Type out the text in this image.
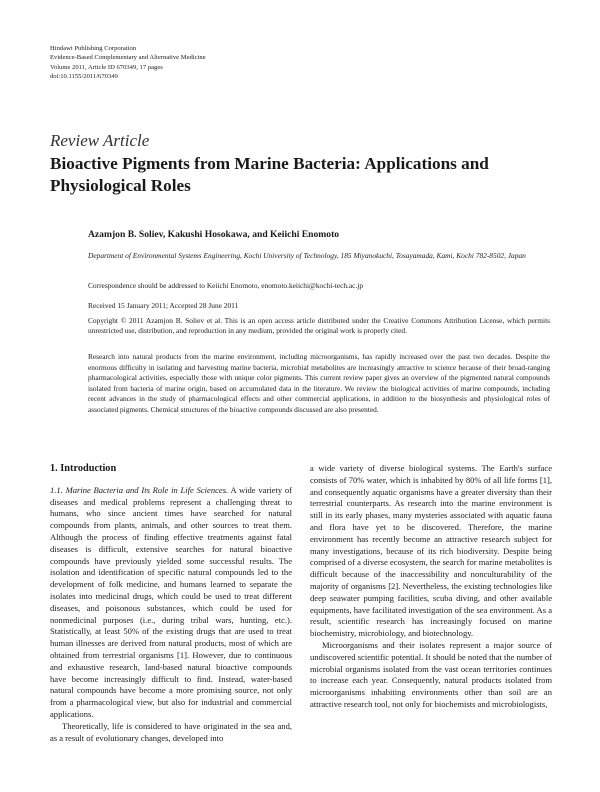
Hindawi Publishing Corporation
Evidence-Based Complementary and Alternative Medicine
Volume 2011, Article ID 670349, 17 pages
doi:10.1155/2011/670349
Review Article
Bioactive Pigments from Marine Bacteria: Applications and Physiological Roles
Azamjon B. Soliev, Kakushi Hosokawa, and Keiichi Enomoto
Department of Environmental Systems Engineering, Kochi University of Technology, 185 Miyanokuchi, Tosayamada, Kami, Kochi 782-8502, Japan
Correspondence should be addressed to Keiichi Enomoto, enomoto.keiichi@kochi-tech.ac.jp
Received 15 January 2011; Accepted 28 June 2011
Copyright © 2011 Azamjon B. Soliev et al. This is an open access article distributed under the Creative Commons Attribution License, which permits unrestricted use, distribution, and reproduction in any medium, provided the original work is properly cited.
Research into natural products from the marine environment, including microorganisms, has rapidly increased over the past two decades. Despite the enormous difficulty in isolating and harvesting marine bacteria, microbial metabolites are increasingly attractive to science because of their broad-ranging pharmacological activities, especially those with unique color pigments. This current review paper gives an overview of the pigmented natural compounds isolated from bacteria of marine origin, based on accumulated data in the literature. We review the biological activities of marine compounds, including recent advances in the study of pharmacological effects and other commercial applications, in addition to the biosynthesis and physiological roles of associated pigments. Chemical structures of the bioactive compounds discussed are also presented.
1. Introduction

1.1. Marine Bacteria and Its Role in Life Sciences. A wide variety of diseases and medical problems represent a challenging threat to humans, who since ancient times have searched for natural compounds from plants, animals, and other sources to treat them. Although the process of finding effective treatments against fatal diseases is difficult, extensive searches for natural bioactive compounds have previously yielded some successful results. The isolation and identification of specific natural compounds led to the development of folk medicine, and humans learned to separate the isolates into medicinal drugs, which could be used to treat different diseases, and poisonous substances, which could be used for nonmedicinal purposes (i.e., during tribal wars, hunting, etc.). Statistically, at least 50% of the existing drugs that are used to treat human illnesses are derived from natural products, most of which are obtained from terrestrial organisms [1]. However, due to continuous and exhaustive research, land-based natural bioactive compounds have become increasingly difficult to find. Instead, water-based natural compounds have become a more promising source, not only from a pharmacological view, but also for industrial and commercial applications.

Theoretically, life is considered to have originated in the sea and, as a result of evolutionary changes, developed into

a wide variety of diverse biological systems. The Earth's surface consists of 70% water, which is inhabited by 80% of all life forms [1], and consequently aquatic organisms have a greater diversity than their terrestrial counterparts. As research into the marine environment is still in its early phases, many mysteries associated with aquatic fauna and flora have yet to be discovered. Therefore, the marine environment has recently become an attractive research subject for many investigations, because of its rich biodiversity. Despite being comprised of a diverse ecosystem, the search for marine metabolites is difficult because of the inaccessibility and nonculturability of the majority of organisms [2]. Nevertheless, the existing technologies like deep seawater pumping facilities, scuba diving, and other available equipments, have facilitated investigation of the sea environment. As a result, scientific research has increasingly focused on marine biochemistry, microbiology, and biotechnology.

Microorganisms and their isolates represent a major source of undiscovered scientific potential. It should be noted that the number of microbial organisms isolated from the vast ocean territories continues to increase each year. Consequently, natural products isolated from microorganisms inhabiting environments other than soil are an attractive research tool, not only for biochemists and microbiologists,
